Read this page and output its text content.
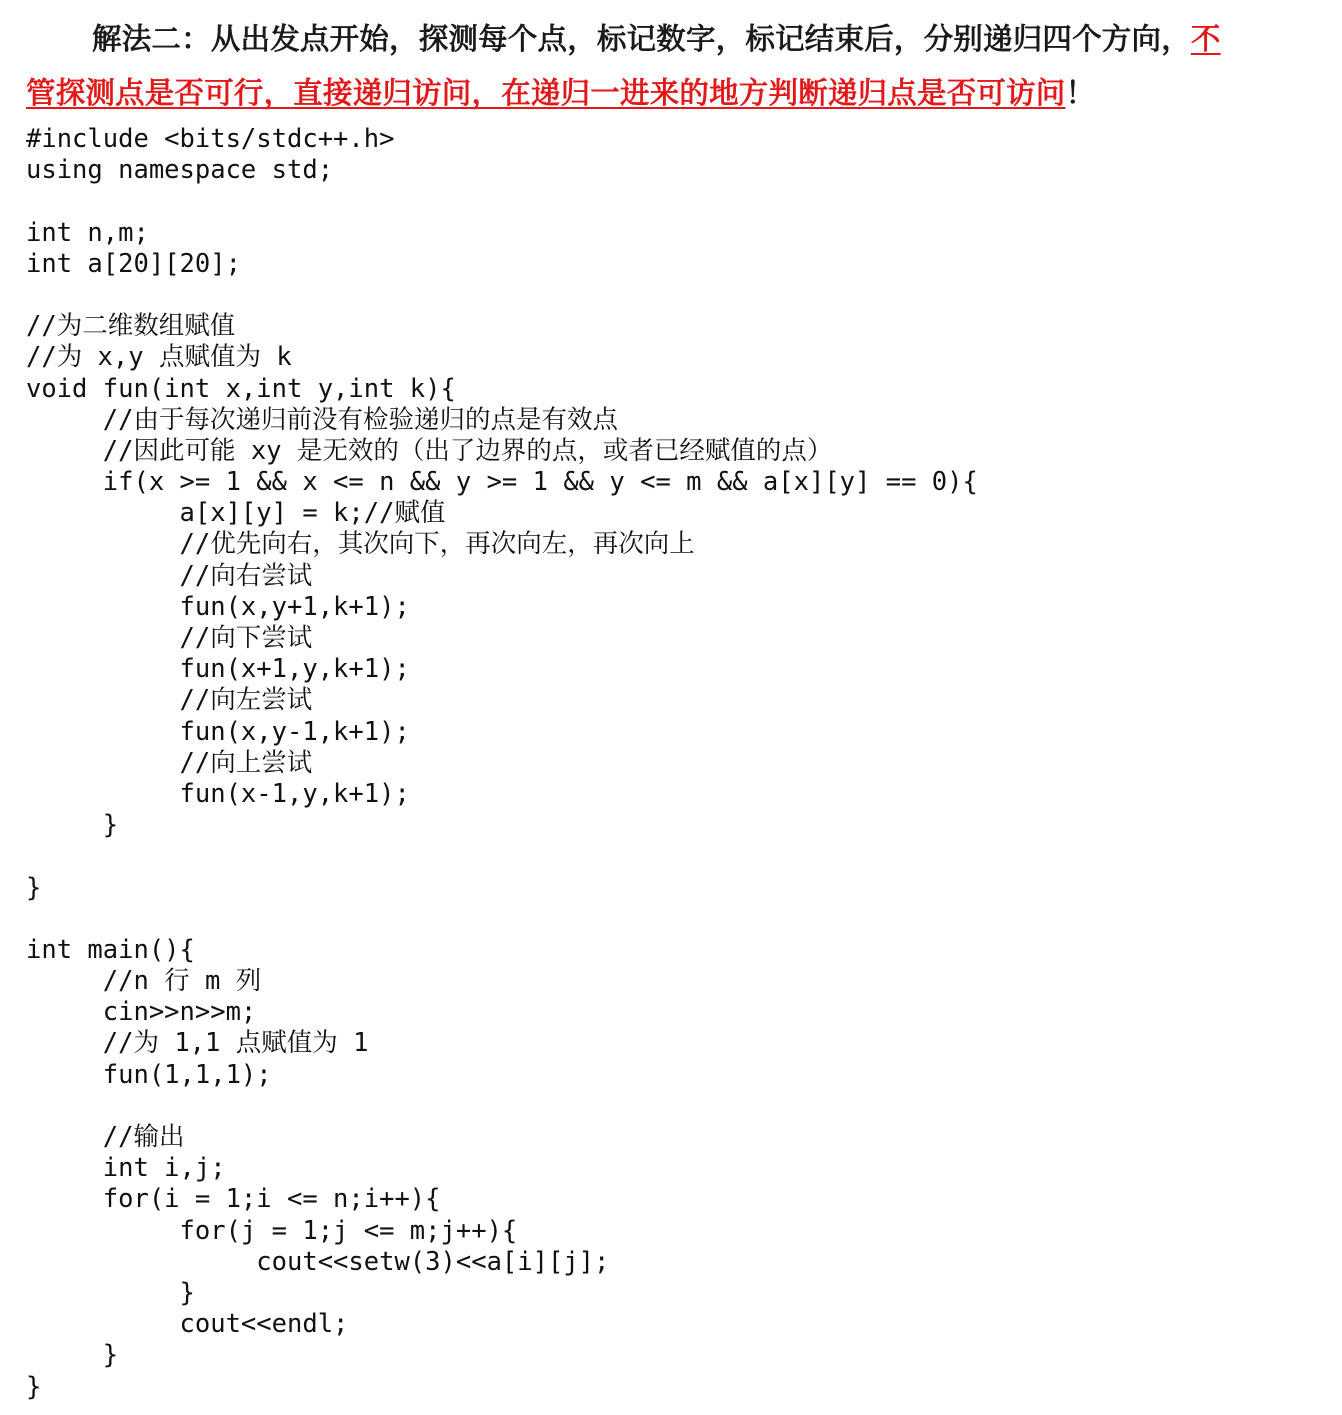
解法二：从出发点开始，探测每个点，标记数字，标记结束后，分别递归四个方向，不
管探测点是否可行，直接递归访问，在递归一进来的地方判断递归点是否可访问！
#include <bits/stdc++.h>
using namespace std;

int n,m;
int a[20][20];

//为二维数组赋值
//为 x,y 点赋值为 k
void fun(int x,int y,int k){
//由于每次递归前没有检验递归的点是有效点
//因此可能 xy 是无效的（出了边界的点，或者已经赋值的点）
if(x >= 1 && x <= n && y >= 1 && y <= m && a[x][y] == 0){
a[x][y] = k;//赋值
//优先向右，其次向下，再次向左，再次向上
//向右尝试
fun(x,y+1,k+1);
//向下尝试
fun(x+1,y,k+1);
//向左尝试
fun(x,y-1,k+1);
//向上尝试
fun(x-1,y,k+1);
}

}

int main(){
//n 行 m 列
cin>>n>>m;
//为 1,1 点赋值为 1
fun(1,1,1);

//输出
int i,j;
for(i = 1;i <= n;i++){
for(j = 1;j <= m;j++){
cout<<setw(3)<<a[i][j];
}
cout<<endl;
}
}
